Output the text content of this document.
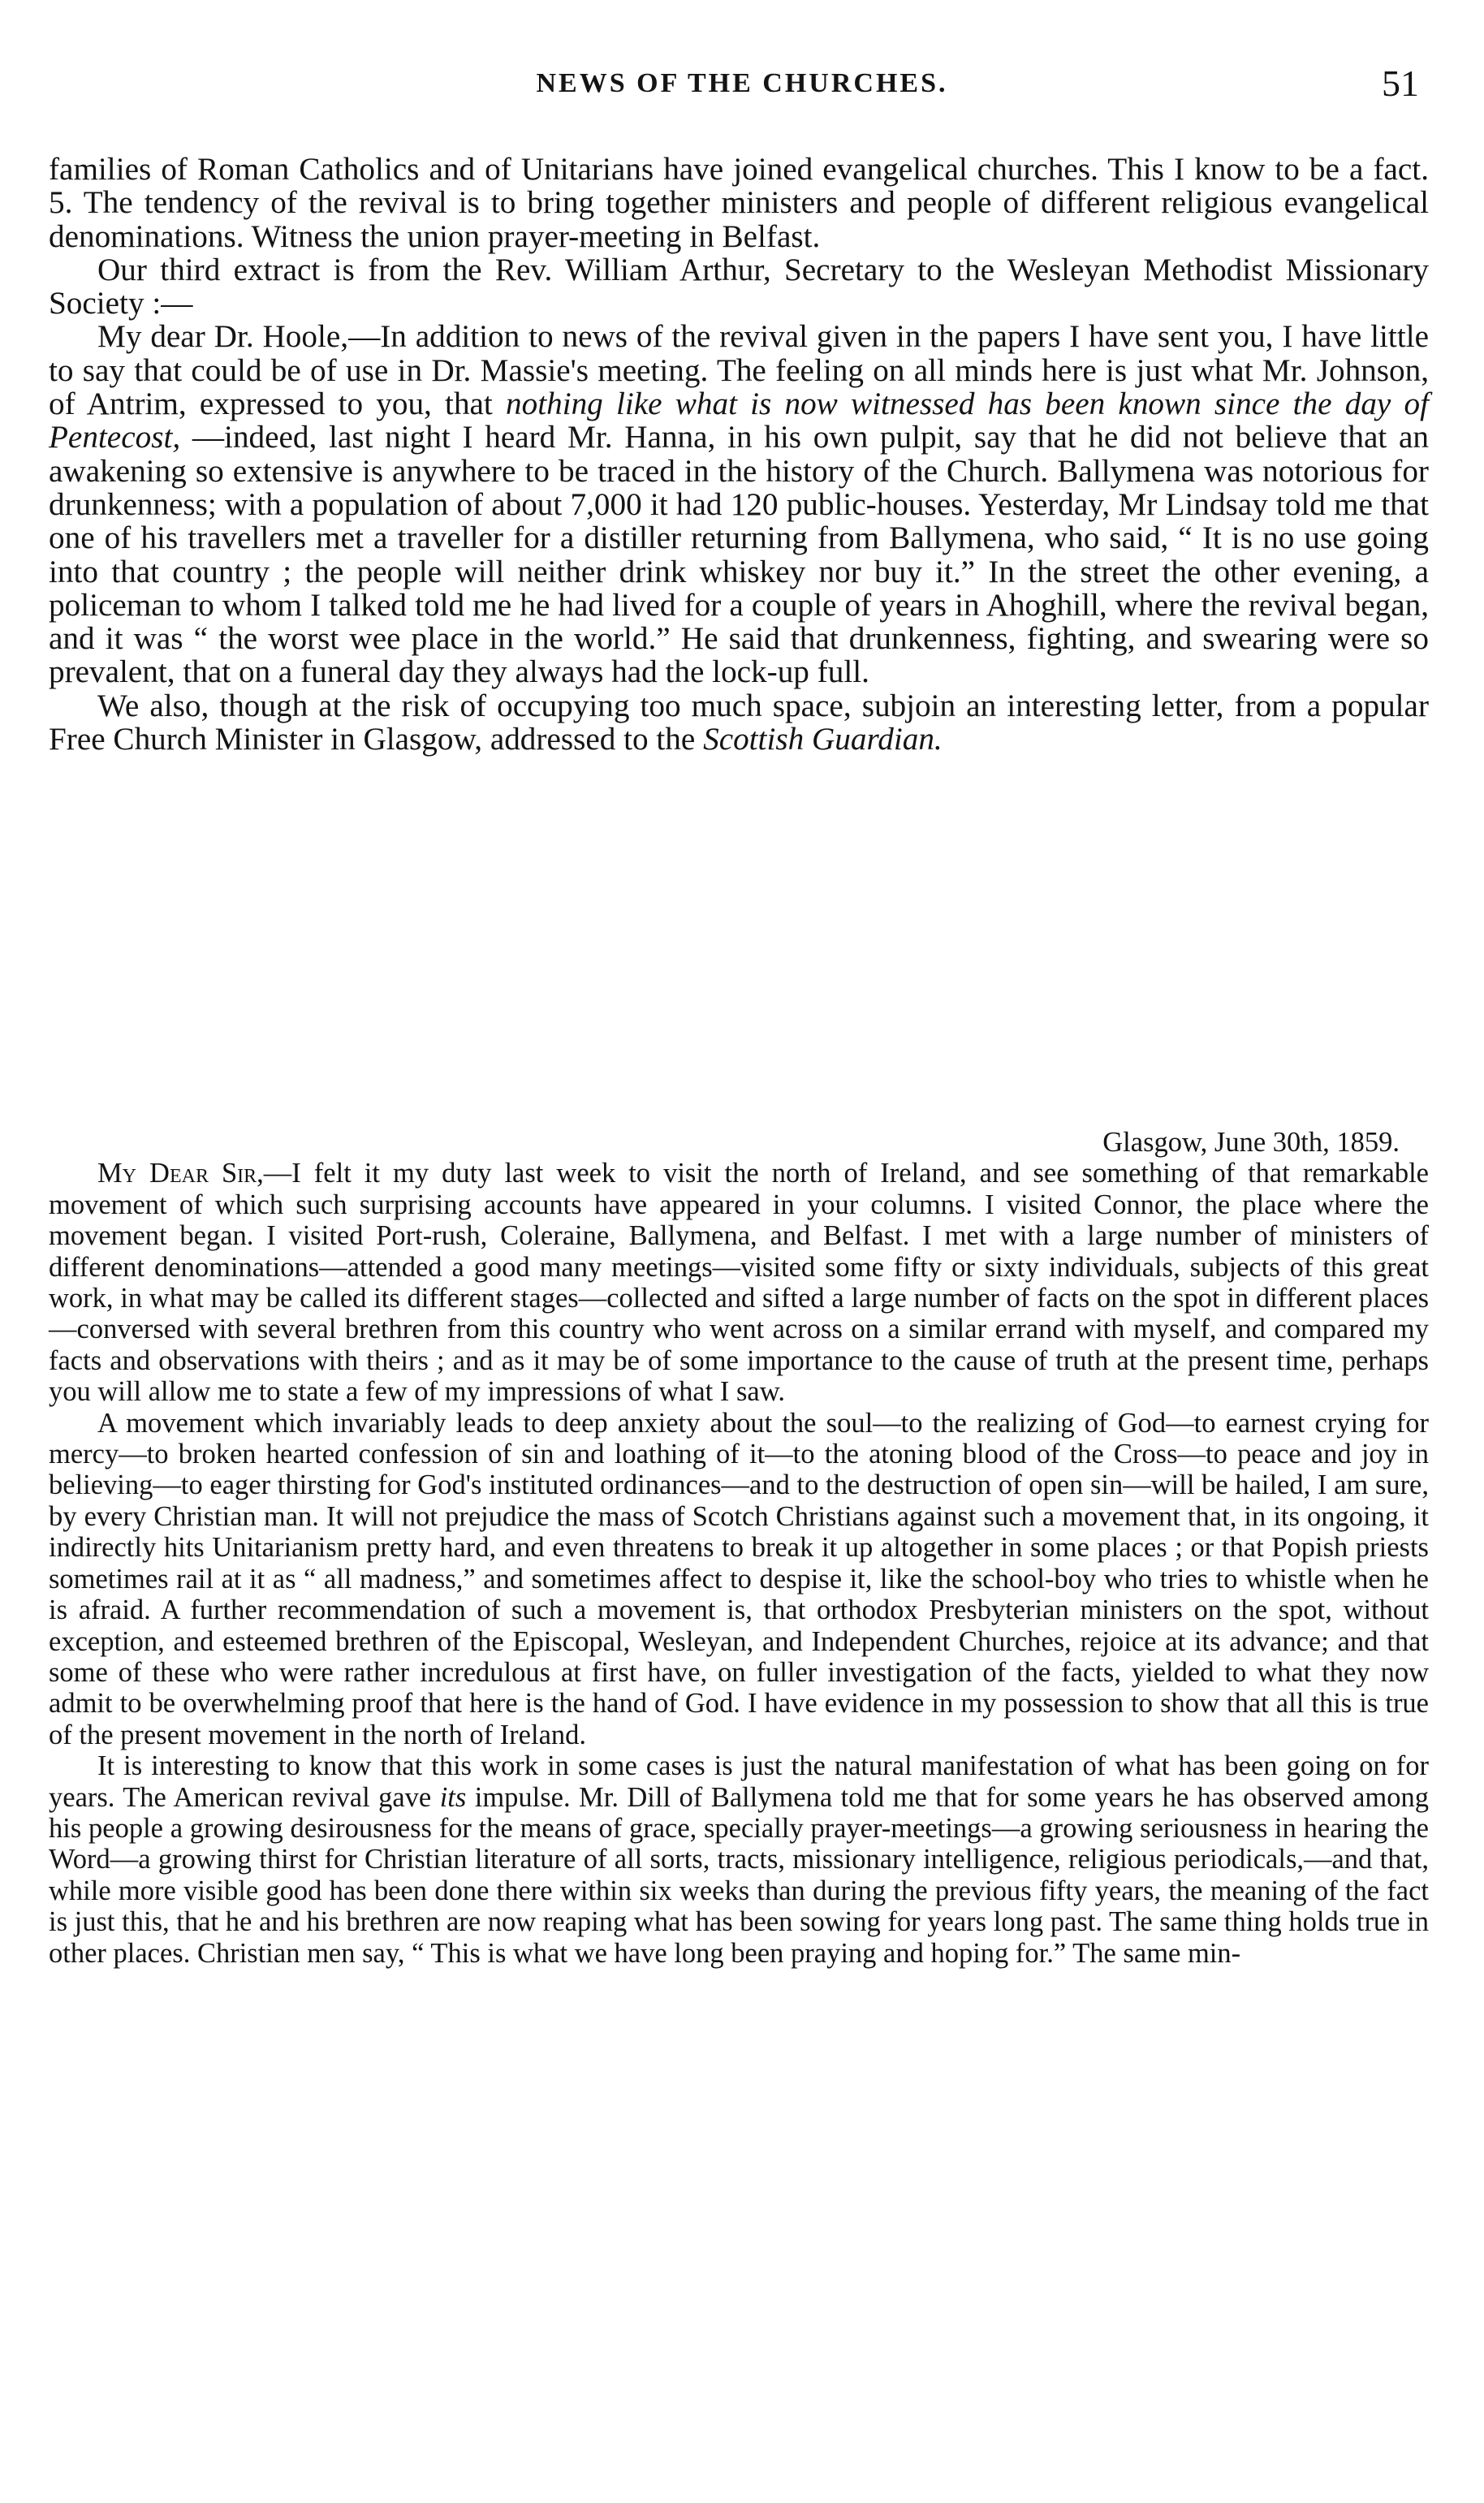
NEWS OF THE CHURCHES.	51

families of Roman Catholics and of Unitarians have joined evangelical churches. This I know to be a fact. 5. The tendency of the revival is to bring together ministers and people of different religious evangelical denominations. Witness the union prayer-meeting in Belfast.

Our third extract is from the Rev. William Arthur, Secretary to the Wesleyan Methodist Missionary Society :—

My dear Dr. Hoole,—In addition to news of the revival given in the papers I have sent you, I have little to say that could be of use in Dr. Massie's meeting. The feeling on all minds here is just what Mr. Johnson, of Antrim, expressed to you, that nothing like what is now witnessed has been known since the day of Pentecost, —indeed, last night I heard Mr. Hanna, in his own pulpit, say that he did not believe that an awakening so extensive is anywhere to be traced in the history of the Church. Ballymena was notorious for drunkenness; with a population of about 7,000 it had 120 public-houses. Yesterday, Mr Lindsay told me that one of his travellers met a traveller for a distiller returning from Ballymena, who said, “ It is no use going into that country ; the people will neither drink whiskey nor buy it.” In the street the other evening, a policeman to whom I talked told me he had lived for a couple of years in Ahoghill, where the revival began, and it was “ the worst wee place in the world.” He said that drunkenness, fighting, and swearing were so prevalent, that on a funeral day they always had the lock-up full.

We also, though at the risk of occupying too much space, subjoin an interesting letter, from a popular Free Church Minister in Glasgow, addressed to the Scottish Guardian.

Glasgow, June 30th, 1859.

My Dear Sir,—I felt it my duty last week to visit the north of Ireland, and see something of that remarkable movement of which such surprising accounts have appeared in your columns. I visited Connor, the place where the movement began. I visited Port-rush, Coleraine, Ballymena, and Belfast. I met with a large number of ministers of different denominations—attended a good many meetings—visited some fifty or sixty individuals, subjects of this great work, in what may be called its different stages—collected and sifted a large number of facts on the spot in different places—conversed with several brethren from this country who went across on a similar errand with myself, and compared my facts and observations with theirs ; and as it may be of some importance to the cause of truth at the present time, perhaps you will allow me to state a few of my impressions of what I saw.

A movement which invariably leads to deep anxiety about the soul—to the realizing of God—to earnest crying for mercy—to broken hearted confession of sin and loathing of it—to the atoning blood of the Cross—to peace and joy in believing—to eager thirsting for God's instituted ordinances—and to the destruction of open sin—will be hailed, I am sure, by every Christian man. It will not prejudice the mass of Scotch Christians against such a movement that, in its ongoing, it indirectly hits Unitarianism pretty hard, and even threatens to break it up altogether in some places ; or that Popish priests sometimes rail at it as “ all madness,” and sometimes affect to despise it, like the school-boy who tries to whistle when he is afraid. A further recommendation of such a movement is, that orthodox Presbyterian ministers on the spot, without exception, and esteemed brethren of the Episcopal, Wesleyan, and Independent Churches, rejoice at its advance; and that some of these who were rather incredulous at first have, on fuller investigation of the facts, yielded to what they now admit to be overwhelming proof that here is the hand of God. I have evidence in my possession to show that all this is true of the present movement in the north of Ireland.

It is interesting to know that this work in some cases is just the natural manifestation of what has been going on for years. The American revival gave its impulse. Mr. Dill of Ballymena told me that for some years he has observed among his people a growing desirousness for the means of grace, specially prayer-meetings—a growing seriousness in hearing the Word—a growing thirst for Christian literature of all sorts, tracts, missionary intelligence, religious periodicals,—and that, while more visible good has been done there within six weeks than during the previous fifty years, the meaning of the fact is just this, that he and his brethren are now reaping what has been sowing for years long past. The same thing holds true in other places. Christian men say, “ This is what we have long been praying and hoping for.” The same min-
